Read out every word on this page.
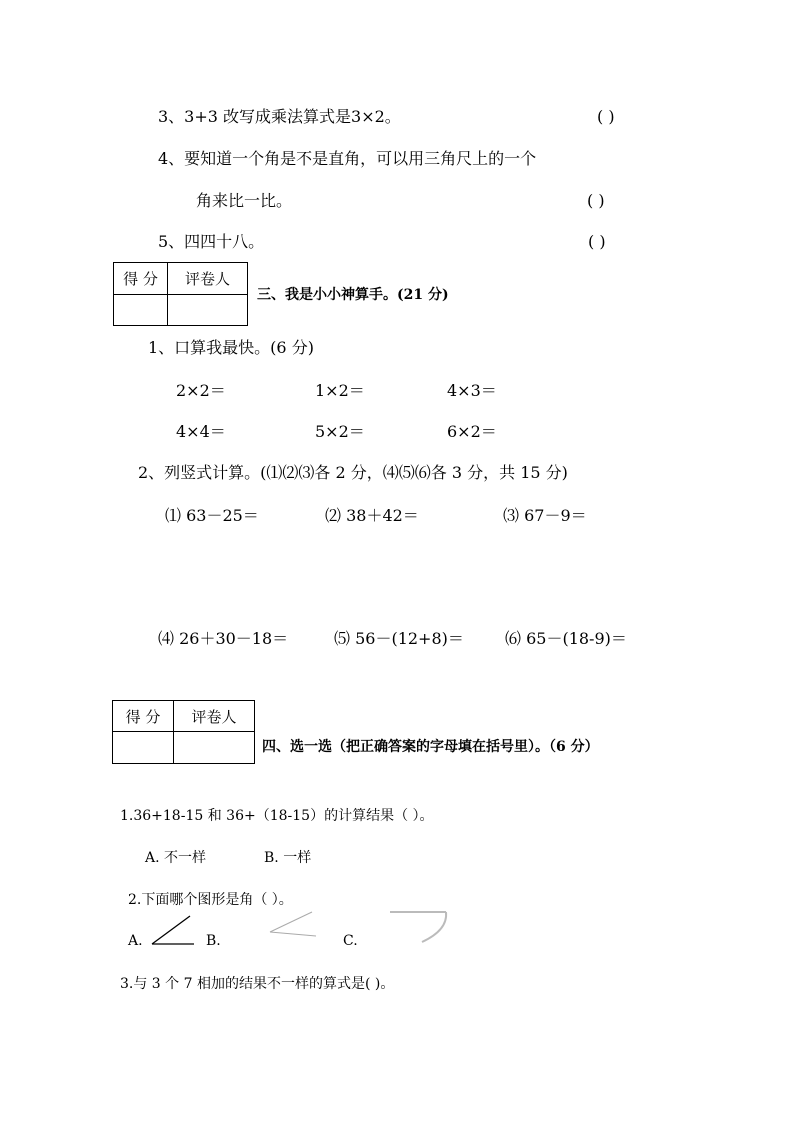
3、3+3 改写成乘法算式是3×2。	( )
4、要知道一个角是不是直角，可以用三角尺上的一个
角来比一比。	( )
5、四四十八。	( )
得 分	评卷人

三、我是小小神算手。(21 分)
1、口算我最快。(6 分)
2×2＝	1×2＝	4×3＝
4×4＝	5×2＝	6×2＝
2、列竖式计算。(⑴⑵⑶各 2 分，⑷⑸⑹各 3 分，共 15 分)
⑴ 63－25＝	⑵ 38＋42＝	⑶ 67－9＝
⑷ 26＋30－18＝	⑸ 56－(12+8)＝	⑹ 65－(18-9)＝
得 分	评卷人

四、选一选（把正确答案的字母填在括号里）。（6 分）
1.36+18-15 和 36+（18-15）的计算结果（ ）。
A. 不一样	B. 一样
2.下面哪个图形是角（ ）。
A.	B.	C.
3.与 3 个 7 相加的结果不一样的算式是( )。
